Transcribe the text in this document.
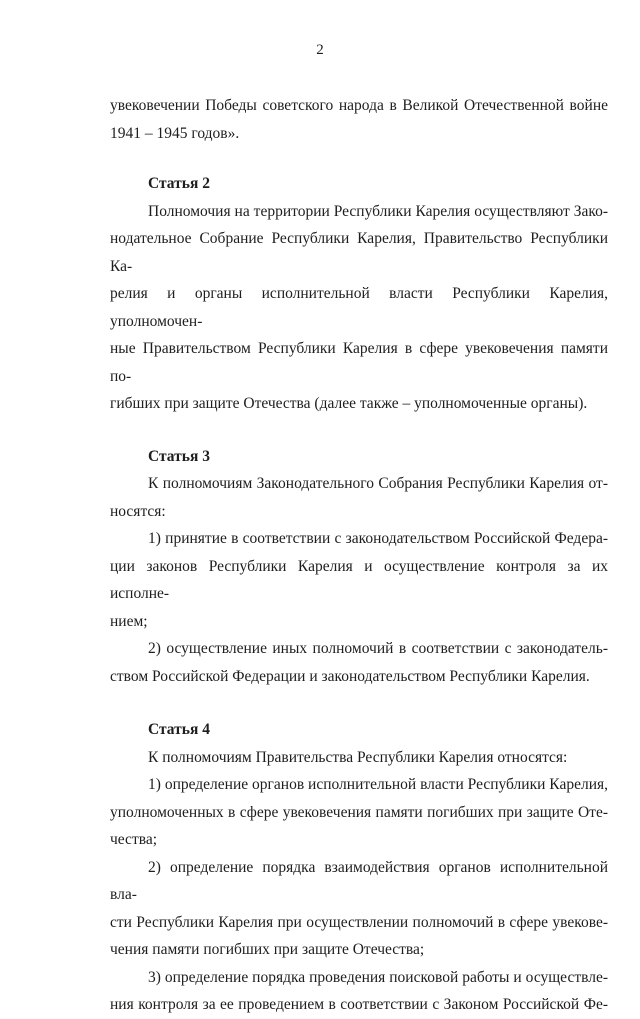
2

увековечении Победы советского народа в Великой Отечественной войне
1941 – 1945 годов».

Статья 2

Полномочия на территории Республики Карелия осуществляют Зако-
нодательное Собрание Республики Карелия, Правительство Республики Ка-
релия и органы исполнительной власти Республики Карелия, уполномочен-
ные Правительством Республики Карелия в сфере увековечения памяти по-
гибших при защите Отечества (далее также – уполномоченные органы).

Статья 3

К полномочиям Законодательного Собрания Республики Карелия от-
носятся:

1) принятие в соответствии с законодательством Российской Федера-
ции законов Республики Карелия и осуществление контроля за их исполне-
нием;

2) осуществление иных полномочий в соответствии с законодатель-
ством Российской Федерации и законодательством Республики Карелия.

Статья 4

К полномочиям Правительства Республики Карелия относятся:

1) определение органов исполнительной власти Республики Карелия,
уполномоченных в сфере увековечения памяти погибших при защите Оте-
чества;

2) определение порядка взаимодействия органов исполнительной вла-
сти Республики Карелия при осуществлении полномочий в сфере увекове-
чения памяти погибших при защите Отечества;

3) определение порядка проведения поисковой работы и осуществле-
ния контроля за ее проведением в соответствии с Законом Российской Фе-
